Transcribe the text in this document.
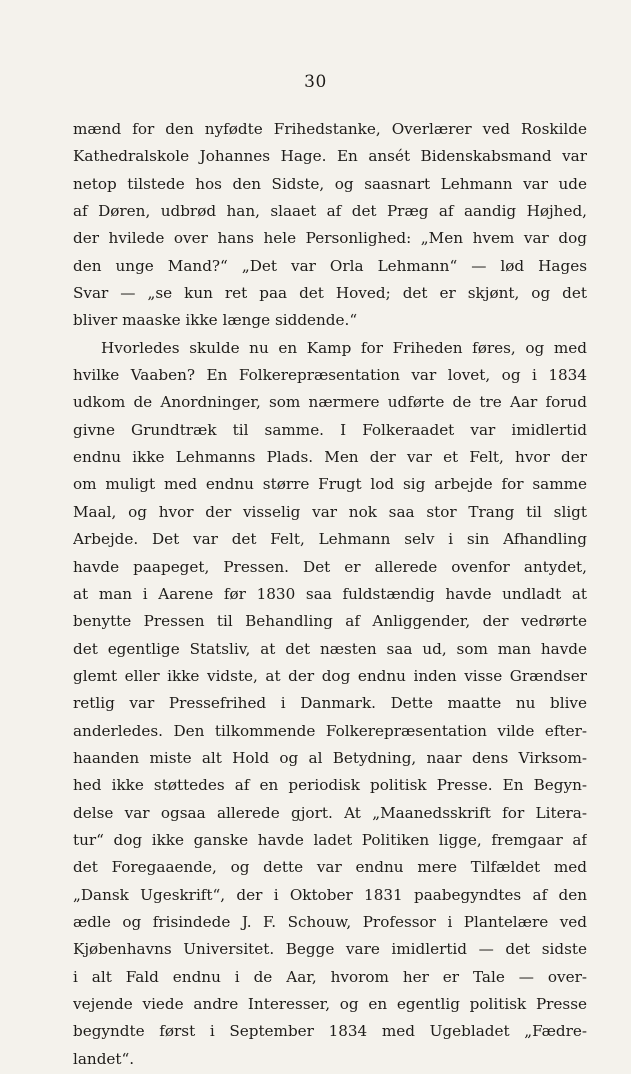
30
mænd for den nyfødte Frihedstanke, Overlærer ved Roskilde
Kathedralskole Johannes Hage. En ansét Bidenskabsmand var
netop tilstede hos den Sidste, og saasnart Lehmann var ude
af Døren, udbrød han, slaaet af det Præg af aandig Højhed,
der hvilede over hans hele Personlighed: „Men hvem var dog
den unge Mand?“ „Det var Orla Lehmann“ — lød Hages
Svar — „se kun ret paa det Hoved; det er skjønt, og det
bliver maaske ikke længe siddende.“
Hvorledes skulde nu en Kamp for Friheden føres, og med
hvilke Vaaben? En Folkerepræsentation var lovet, og i 1834
udkom de Anordninger, som nærmere udførte de tre Aar forud
givne Grundtræk til samme. I Folkeraadet var imidlertid
endnu ikke Lehmanns Plads. Men der var et Felt, hvor der
om muligt med endnu større Frugt lod sig arbejde for samme
Maal, og hvor der visselig var nok saa stor Trang til sligt
Arbejde. Det var det Felt, Lehmann selv i sin Afhandling
havde paapeget, Pressen. Det er allerede ovenfor antydet,
at man i Aarene før 1830 saa fuldstændig havde undladt at
benytte Pressen til Behandling af Anliggender, der vedrørte
det egentlige Statsliv, at det næsten saa ud, som man havde
glemt eller ikke vidste, at der dog endnu inden visse Grændser
retlig var Pressefrihed i Danmark. Dette maatte nu blive
anderledes. Den tilkommende Folkerepræsentation vilde efter-
haanden miste alt Hold og al Betydning, naar dens Virksom-
hed ikke støttedes af en periodisk politisk Presse. En Begyn-
delse var ogsaa allerede gjort. At „Maanedsskrift for Litera-
tur“ dog ikke ganske havde ladet Politiken ligge, fremgaar af
det Foregaaende, og dette var endnu mere Tilfældet med
„Dansk Ugeskrift“, der i Oktober 1831 paabegyndtes af den
ædle og frisindede J. F. Schouw, Professor i Plantelære ved
Kjøbenhavns Universitet. Begge vare imidlertid — det sidste
i alt Fald endnu i de Aar, hvorom her er Tale — over-
vejende viede andre Interesser, og en egentlig politisk Presse
begyndte først i September 1834 med Ugebladet „Fædre-
landet“.
